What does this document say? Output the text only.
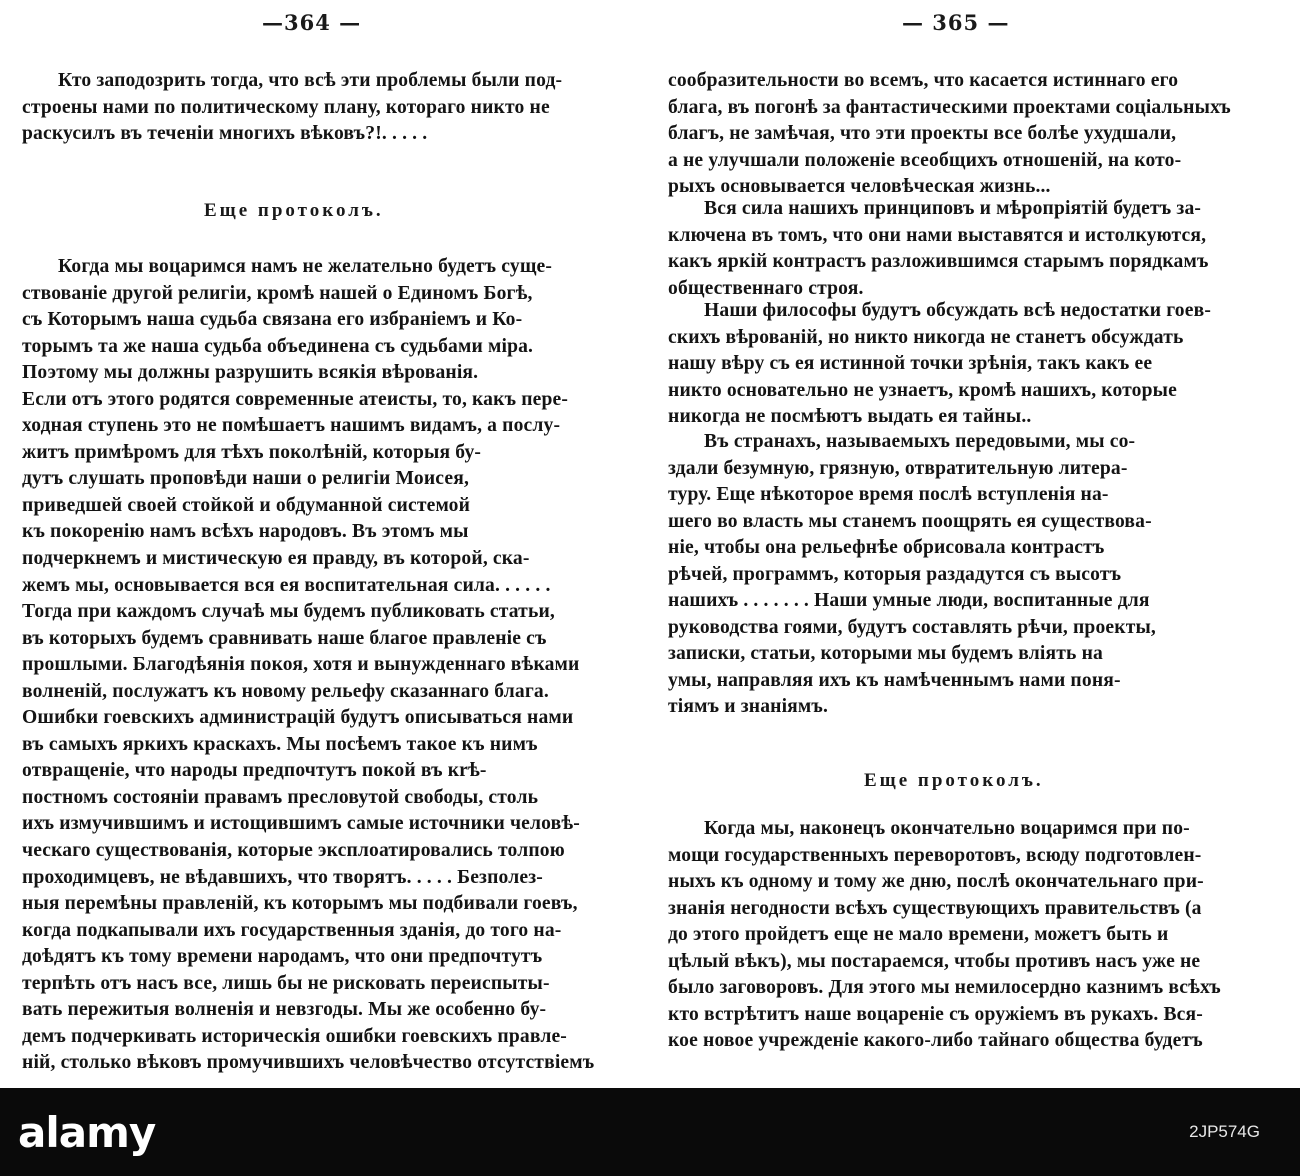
—364 —
Кто заподозрить тогда, что всѣ эти проблемы были под-
строены нами по политическому плану, котораго никто не
раскусилъ въ теченіи многихъ вѣковъ?!. . . . .
Еще протоколъ.
Когда мы воцаримся намъ не желательно будетъ суще-
ствованіе другой религіи, кромѣ нашей о Единомъ Богѣ,
съ Которымъ наша судьба связана его избраніемъ и Ко-
торымъ та же наша судьба объединена съ судьбами міра.
Поэтому мы должны разрушить всякія вѣрованія.
Если отъ этого родятся современные атеисты, то, какъ пере-
ходная ступень это не помѣшаетъ нашимъ видамъ, а послу-
житъ примѣромъ для тѣхъ поколѣній, которыя бу-
дутъ слушать проповѣди наши о религіи Моисея,
приведшей своей стойкой и обдуманной системой
къ покоренію намъ всѣхъ народовъ. Въ этомъ мы
подчеркнемъ и мистическую ея правду, въ которой, ска-
жемъ мы, основывается вся ея воспитательная сила. . . . . .
Тогда при каждомъ случаѣ мы будемъ публиковать статьи,
въ которыхъ будемъ сравнивать наше благое правленіе съ
прошлыми. Благодѣянія покоя, хотя и вынужденнаго вѣками
волненій, послужатъ къ новому рельефу сказаннаго блага.
Ошибки гоевскихъ администрацій будутъ описываться нами
въ самыхъ яркихъ краскахъ. Мы посѣемъ такое къ нимъ
отвращеніе, что народы предпочтутъ покой въ кrѣ-
постномъ состояніи правамъ пресловутой свободы, столь
ихъ измучившимъ и истощившимъ самые источники человѣ-
ческаго существованія, которые эксплоатировались толпою
проходимцевъ, не вѣдавшихъ, что творятъ. . . . . Безполез-
ныя перемѣны правленій, къ которымъ мы подбивали гоевъ,
когда подкапывали ихъ государственныя зданія, до того на-
доѣдятъ къ тому времени народамъ, что они предпочтутъ
терпѣть отъ насъ все, лишь бы не рисковать переиспыты-
вать пережитыя волненія и невзгоды. Мы же особенно бу-
демъ подчеркивать историческія ошибки гоевскихъ правле-
ній, столько вѣковъ промучившихъ человѣчество отсутствіемъ
— 365 —
сообразительности во всемъ, что касается истиннаго его
блага, въ погонѣ за фантастическими проектами соціальныхъ
благъ, не замѣчая, что эти проекты все болѣе ухудшали,
а не улучшали положеніе всеобщихъ отношеній, на кото-
рыхъ основывается человѣческая жизнь...
Вся сила нашихъ принциповъ и мѣропріятій будетъ за-
ключена въ томъ, что они нами выставятся и истолкуются,
какъ яркій контрастъ разложившимся старымъ порядкамъ
общественнаго строя.
Наши философы будутъ обсуждать всѣ недостатки гоев-
скихъ вѣрованій, но никто никогда не станетъ обсуждать
нашу вѣру съ ея истинной точки зрѣнія, такъ какъ ее
никто основательно не узнаетъ, кромѣ нашихъ, которые
никогда не посмѣютъ выдать ея тайны..
Въ странахъ, называемыхъ передовыми, мы со-
здали безумную, грязную, отвратительную литера-
туру. Еще нѣкоторое время послѣ вступленія на-
шего во власть мы станемъ поощрять ея существова-
ніе, чтобы она рельефнѣе обрисовала контрастъ
рѣчей, программъ, которыя раздадутся съ высотъ
нашихъ . . . . . . . Наши умные люди, воспитанные для
руководства гоями, будутъ составлять рѣчи, проекты,
записки, статьи, которыми мы будемъ вліять на
умы, направляя ихъ къ намѣченнымъ нами поня-
тіямъ и знаніямъ.
Еще протоколъ.
Когда мы, наконецъ окончательно воцаримся при по-
мощи государственныхъ переворотовъ, всюду подготовлен-
ныхъ къ одному и тому же дню, послѣ окончательнаго при-
знанія негодности всѣхъ существующихъ правительствъ (а
до этого пройдетъ еще не мало времени, можетъ быть и
цѣлый вѣкъ), мы постараемся, чтобы противъ насъ уже не
было заговоровъ. Для этого мы немилосердно казнимъ всѣхъ
кто встрѣтитъ наше воцареніе съ оружіемъ въ рукахъ. Вся-
кое новое учрежденіе какого-либо тайнаго общества будетъ
alamy	2JP574G
